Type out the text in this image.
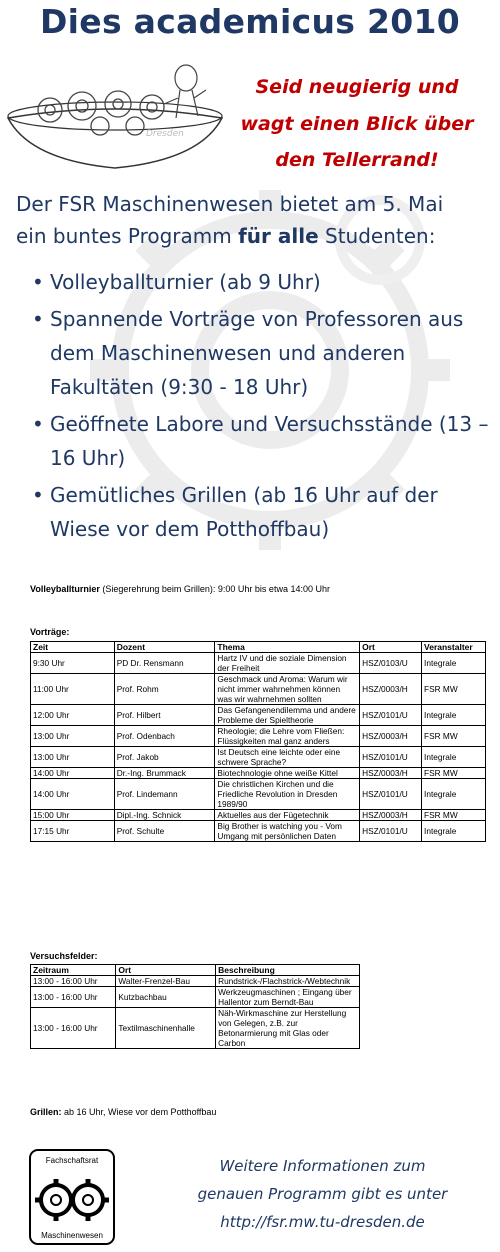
Dies academicus 2010
Dresden
Seid neugierig und
wagt einen Blick über
den Tellerrand!
Der FSR Maschinenwesen bietet am 5. Mai
ein buntes Programm für alle Studenten:
• Volleyballturnier (ab 9 Uhr)
• Spannende Vorträge von Professoren aus dem Maschinenwesen und anderen Fakultäten (9:30 - 18 Uhr)
• Geöffnete Labore und Versuchsstände (13 – 16 Uhr)
• Gemütliches Grillen (ab 16 Uhr auf der Wiese vor dem Potthoffbau)
Volleyballturnier (Siegerehrung beim Grillen): 9:00 Uhr bis etwa 14:00 Uhr
Vorträge:
Zeit	Dozent	Thema	Ort	Veranstalter
9:30 Uhr	PD Dr. Rensmann	Hartz IV und die soziale Dimension der Freiheit	HSZ/0103/U	Integrale
11:00 Uhr	Prof. Rohm	Geschmack und Aroma: Warum wir nicht immer wahrnehmen können was wir wahrnehmen sollten	HSZ/0003/H	FSR MW
12:00 Uhr	Prof. Hilbert	Das Gefangenendilemma und andere Probleme der Spieltheorie	HSZ/0101/U	Integrale
13:00 Uhr	Prof. Odenbach	Rheologie; die Lehre vom Fließen: Flüssigkeiten mal ganz anders	HSZ/0003/H	FSR MW
13:00 Uhr	Prof. Jakob	Ist Deutsch eine leichte oder eine schwere Sprache?	HSZ/0101/U	Integrale
14:00 Uhr	Dr.-Ing. Brummack	Biotechnologie ohne weiße Kittel	HSZ/0003/H	FSR MW
14:00 Uhr	Prof. Lindemann	Die christlichen Kirchen und die Friedliche Revolution in Dresden 1989/90	HSZ/0101/U	Integrale
15:00 Uhr	Dipl.-Ing. Schnick	Aktuelles aus der Fügetechnik	HSZ/0003/H	FSR MW
17:15 Uhr	Prof. Schulte	Big Brother is watching you - Vom Umgang mit persönlichen Daten	HSZ/0101/U	Integrale
Versuchsfelder:
Zeitraum	Ort	Beschreibung
13:00 - 16:00 Uhr	Walter-Frenzel-Bau	Rundstrick-/Flachstrick-/Webtechnik
13:00 - 16:00 Uhr	Kutzbachbau	Werkzeugmaschinen ; Eingang über Hallentor zum Berndt-Bau
13:00 - 16:00 Uhr	Textilmaschinenhalle	Näh-Wirkmaschine zur Herstellung von Gelegen, z.B. zur Betonarmierung mit Glas oder Carbon
Grillen: ab 16 Uhr, Wiese vor dem Potthoffbau
Fachschaftsrat
Maschinenwesen
Weitere Informationen zum
genauen Programm gibt es unter
http://fsr.mw.tu-dresden.de
